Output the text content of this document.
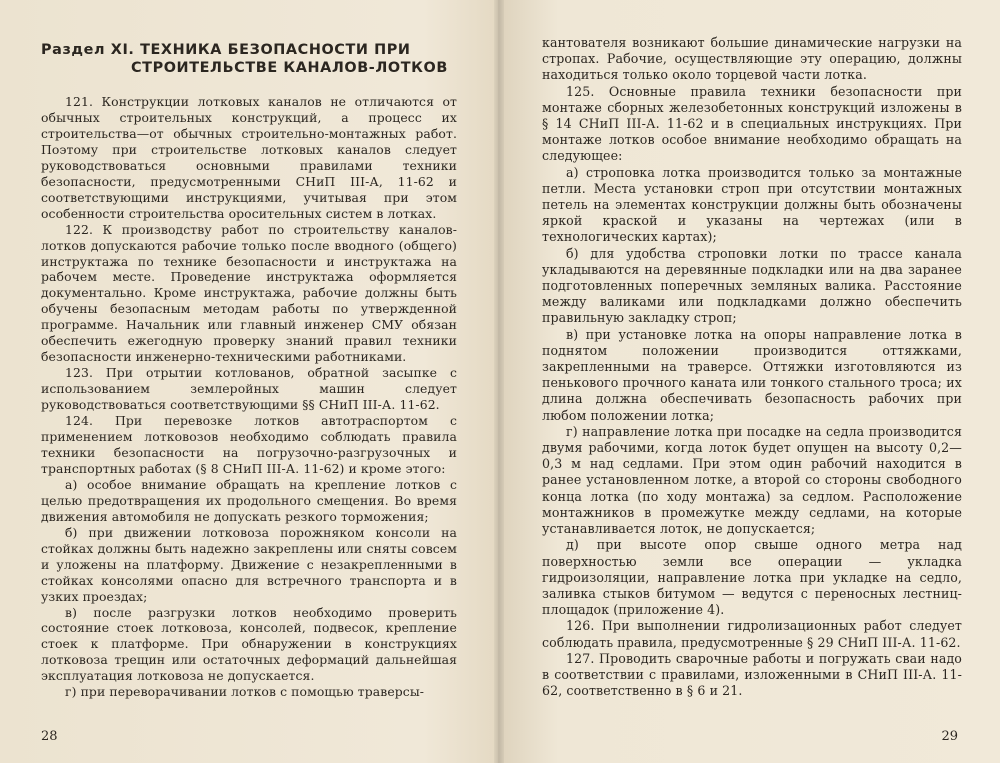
Раздел XI. ТЕХНИКА БЕЗОПАСНОСТИ ПРИ
СТРОИТЕЛЬСТВЕ КАНАЛОВ-ЛОТКОВ

121. Конструкции лотковых каналов не отличаются от обычных строительных конструкций, а процесс их строительства—от обычных строительно-монтажных работ. Поэтому при строительстве лотковых каналов следует руководствоваться основными правилами техники безопасности, предусмотренными СНиП III-А, 11-62 и соответствующими инструкциями, учитывая при этом особенности строительства оросительных систем в лотках.

122. К производству работ по строительству каналов-лотков допускаются рабочие только после вводного (общего) инструктажа по технике безопасности и инструктажа на рабочем месте. Проведение инструктажа оформляется документально. Кроме инструктажа, рабочие должны быть обучены безопасным методам работы по утвержденной программе. Начальник или главный инженер СМУ обязан обеспечить ежегодную проверку знаний правил техники безопасности инженерно-техническими работниками.

123. При отрытии котлованов, обратной засыпке с использованием землеройных машин следует руководствоваться соответствующими §§ СНиП III-А. 11-62.

124. При перевозке лотков автотраспортом с применением лотковозов необходимо соблюдать правила техники безопасности на погрузочно-разгрузочных и транспортных работах (§ 8 СНиП III-А. 11-62) и кроме этого:

а) особое внимание обращать на крепление лотков с целью предотвращения их продольного смещения. Во время движения автомобиля не допускать резкого торможения;

б) при движении лотковоза порожняком консоли на стойках должны быть надежно закреплены или сняты совсем и уложены на платформу. Движение с незакрепленными в стойках консолями опасно для встречного транспорта и в узких проездах;

в) после разгрузки лотков необходимо проверить состояние стоек лотковоза, консолей, подвесок, крепление стоек к платформе. При обнаружении в конструкциях лотковоза трещин или остаточных деформаций дальнейшая эксплуатация лотковоза не допускается.

г) при переворачивании лотков с помощью траверсы-

28

кантователя возникают большие динамические нагрузки на стропах. Рабочие, осуществляющие эту операцию, должны находиться только около торцевой части лотка.

125. Основные правила техники безопасности при монтаже сборных железобетонных конструкций изложены в § 14 СНиП III-А. 11-62 и в специальных инструкциях. При монтаже лотков особое внимание необходимо обращать на следующее:

а) строповка лотка производится только за монтажные петли. Места установки строп при отсутствии монтажных петель на элементах конструкции должны быть обозначены яркой краской и указаны на чертежах (или в технологических картах);

б) для удобства строповки лотки по трассе канала укладываются на деревянные подкладки или на два заранее подготовленных поперечных земляных валика. Расстояние между валиками или подкладками должно обеспечить правильную закладку строп;

в) при установке лотка на опоры направление лотка в поднятом положении производится оттяжками, закрепленными на траверсе. Оттяжки изготовляются из пенькового прочного каната или тонкого стального троса; их длина должна обеспечивать безопасность рабочих при любом положении лотка;

г) направление лотка при посадке на седла производится двумя рабочими, когда лоток будет опущен на высоту 0,2—0,3 м над седлами. При этом один рабочий находится в ранее установленном лотке, а второй со стороны свободного конца лотка (по ходу монтажа) за седлом. Расположение монтажников в промежутке между седлами, на которые устанавливается лоток, не допускается;

д) при высоте опор свыше одного метра над поверхностью земли все операции — укладка гидроизоляции, направление лотка при укладке на седло, заливка стыков битумом — ведутся с переносных лестниц-площадок (приложение 4).

126. При выполнении гидролизационных работ следует соблюдать правила, предусмотренные § 29 СНиП III-А. 11-62.

127. Проводить сварочные работы и погружать сваи надо в соответствии с правилами, изложенными в СНиП III-А. 11-62, соответственно в § 6 и 21.

29
